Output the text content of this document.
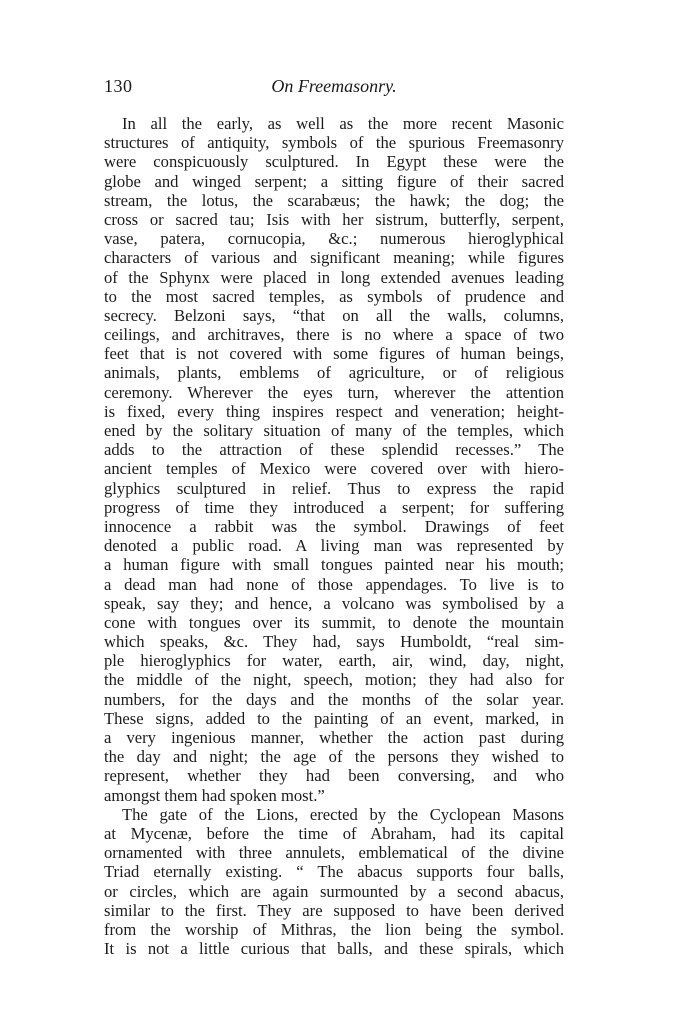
130	On Freemasonry.
In all the early, as well as the more recent Masonic
structures of antiquity, symbols of the spurious Freemasonry
were conspicuously sculptured. In Egypt these were the
globe and winged serpent; a sitting figure of their sacred
stream, the lotus, the scarabæus; the hawk; the dog; the
cross or sacred tau; Isis with her sistrum, butterfly, serpent,
vase, patera, cornucopia, &c.; numerous hieroglyphical
characters of various and significant meaning; while figures
of the Sphynx were placed in long extended avenues leading
to the most sacred temples, as symbols of prudence and
secrecy. Belzoni says, “that on all the walls, columns,
ceilings, and architraves, there is no where a space of two
feet that is not covered with some figures of human beings,
animals, plants, emblems of agriculture, or of religious
ceremony. Wherever the eyes turn, wherever the attention
is fixed, every thing inspires respect and veneration; height-
ened by the solitary situation of many of the temples, which
adds to the attraction of these splendid recesses.” The
ancient temples of Mexico were covered over with hiero-
glyphics sculptured in relief. Thus to express the rapid
progress of time they introduced a serpent; for suffering
innocence a rabbit was the symbol. Drawings of feet
denoted a public road. A living man was represented by
a human figure with small tongues painted near his mouth;
a dead man had none of those appendages. To live is to
speak, say they; and hence, a volcano was symbolised by a
cone with tongues over its summit, to denote the mountain
which speaks, &c. They had, says Humboldt, “real sim-
ple hieroglyphics for water, earth, air, wind, day, night,
the middle of the night, speech, motion; they had also for
numbers, for the days and the months of the solar year.
These signs, added to the painting of an event, marked, in
a very ingenious manner, whether the action past during
the day and night; the age of the persons they wished to
represent, whether they had been conversing, and who
amongst them had spoken most.”
The gate of the Lions, erected by the Cyclopean Masons
at Mycenæ, before the time of Abraham, had its capital
ornamented with three annulets, emblematical of the divine
Triad eternally existing. “ The abacus supports four balls,
or circles, which are again surmounted by a second abacus,
similar to the first. They are supposed to have been derived
from the worship of Mithras, the lion being the symbol.
It is not a little curious that balls, and these spirals, which
